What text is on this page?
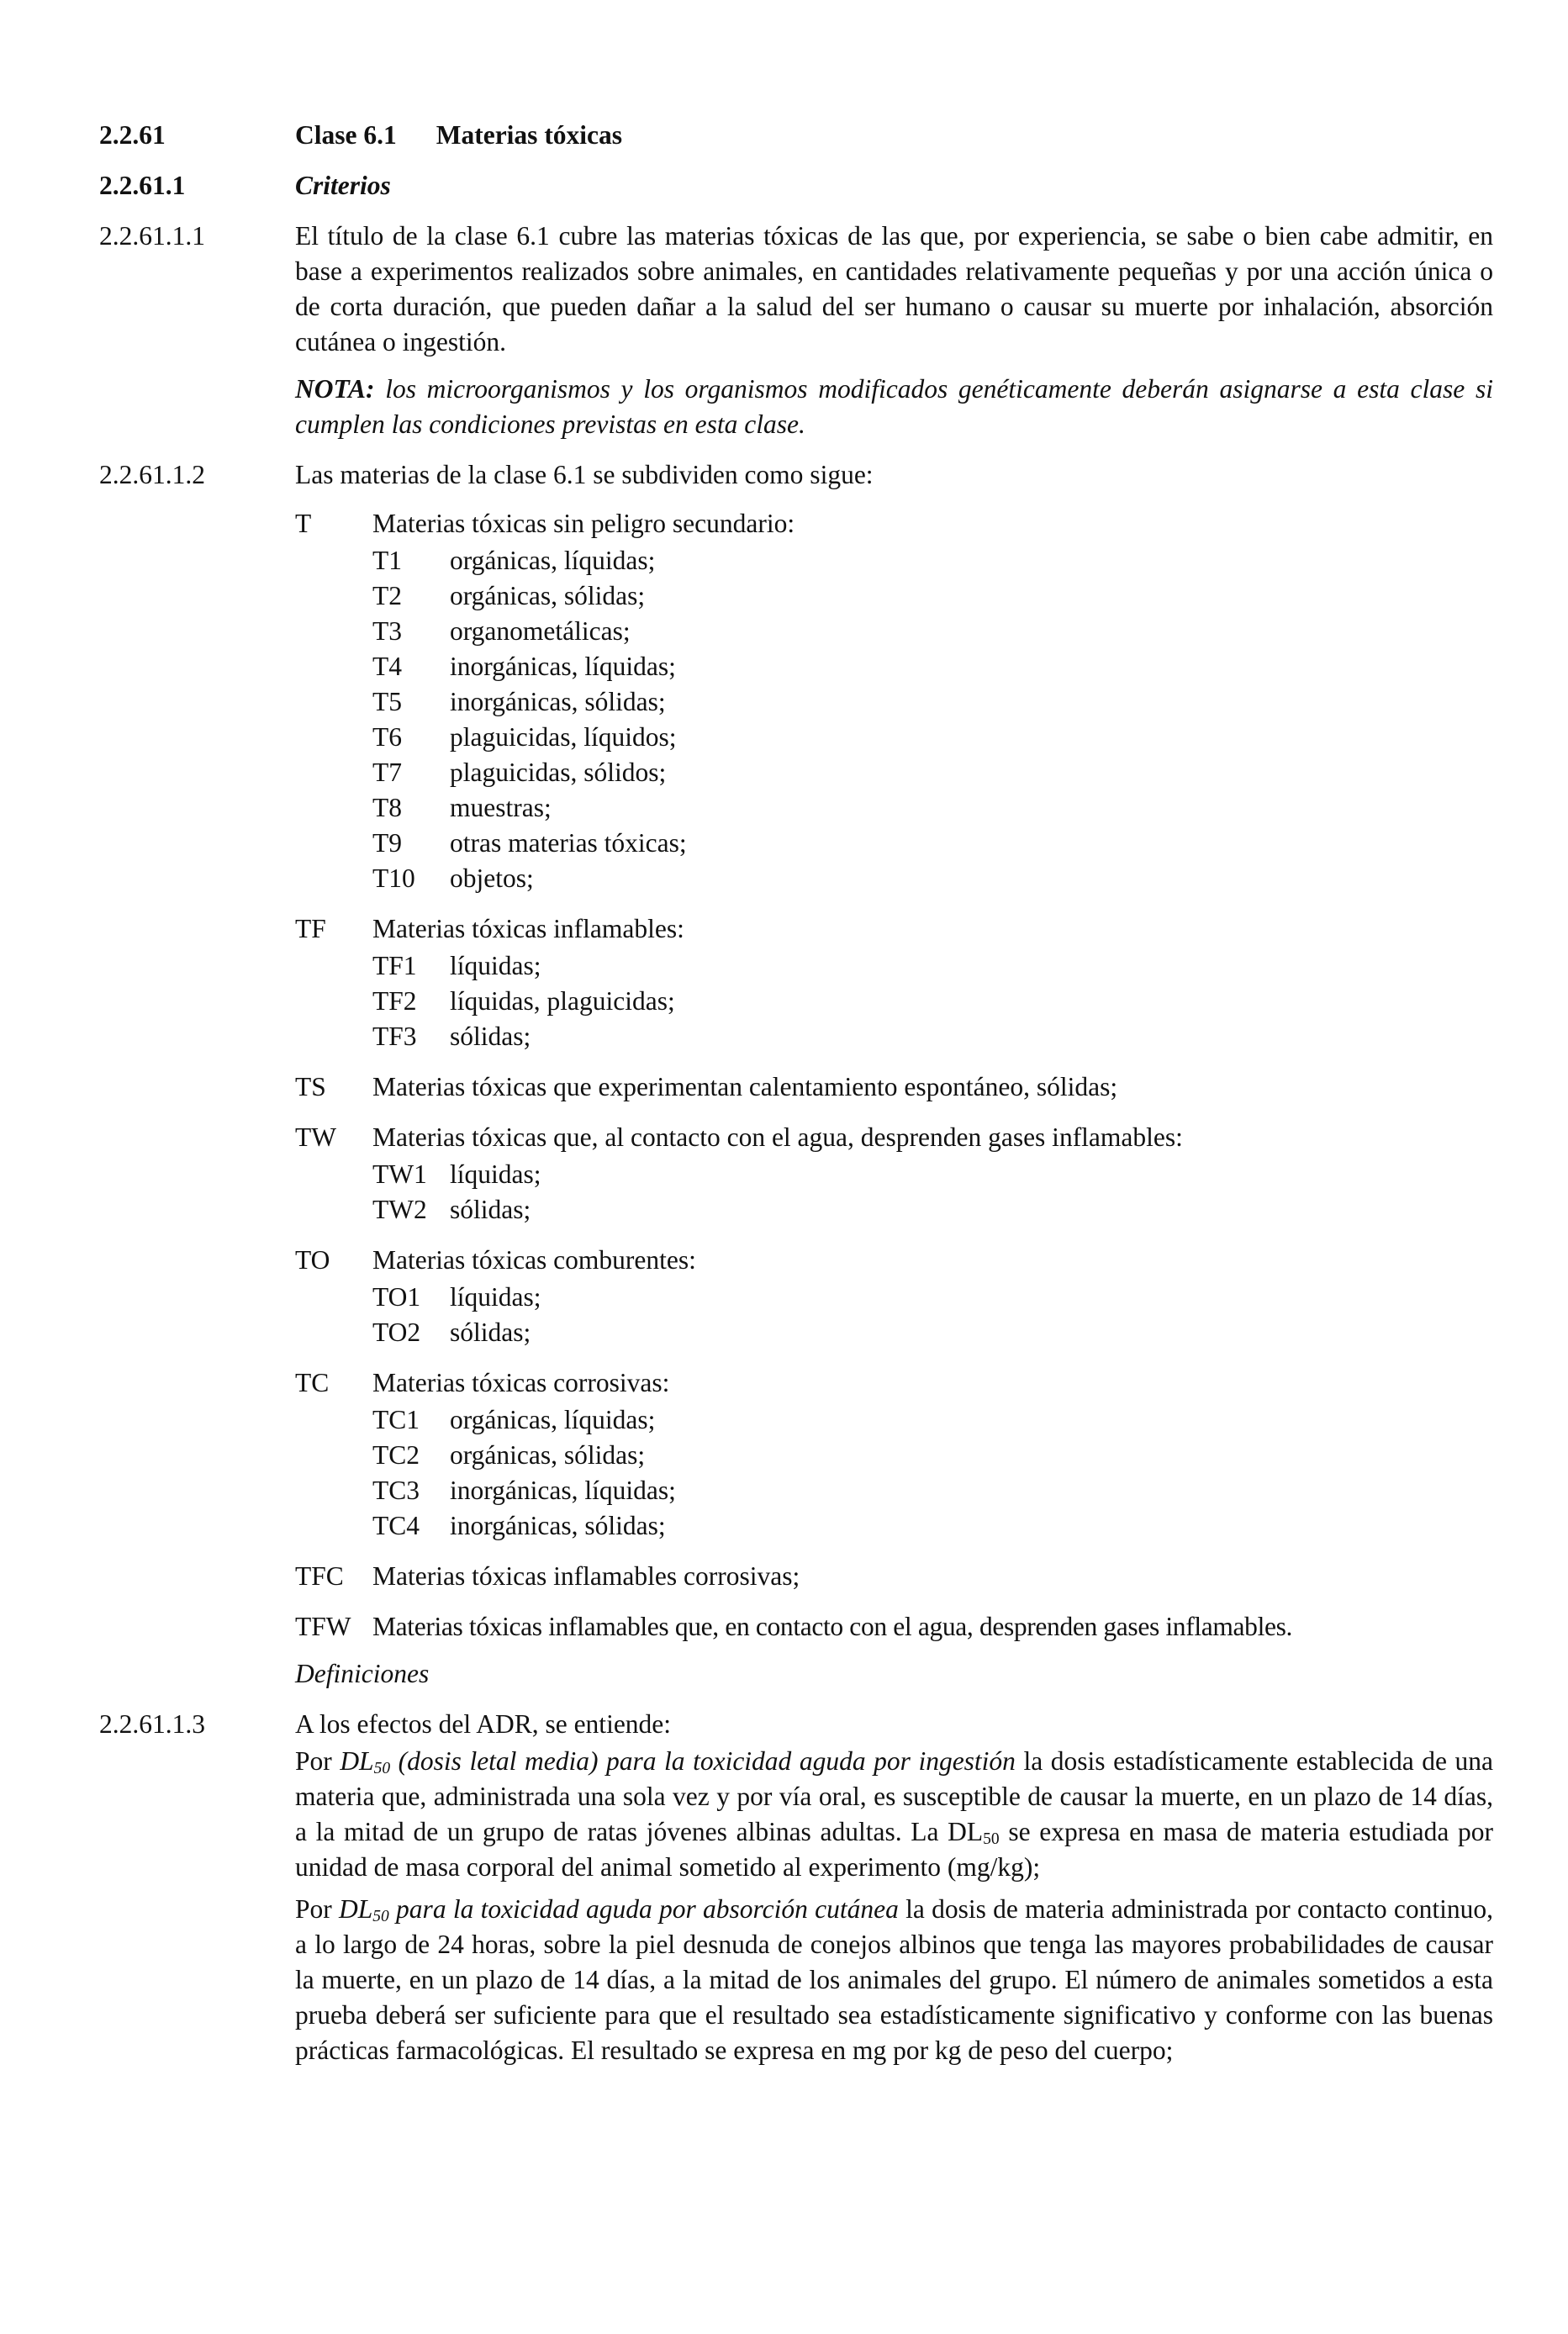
2.2.61	Clase 6.1 Materias tóxicas
2.2.61.1	Criterios
2.2.61.1.1	El título de la clase 6.1 cubre las materias tóxicas de las que, por experiencia, se sabe o bien cabe admitir, en base a experimentos realizados sobre animales, en cantidades relativamente pequeñas y por una acción única o de corta duración, que pueden dañar a la salud del ser humano o causar su muerte por inhalación, absorción cutánea o ingestión.
NOTA: los microorganismos y los organismos modificados genéticamente deberán asignarse a esta clase si cumplen las condiciones previstas en esta clase.
2.2.61.1.2	Las materias de la clase 6.1 se subdividen como sigue:
T	Materias tóxicas sin peligro secundario:
T1	orgánicas, líquidas;
T2	orgánicas, sólidas;
T3	organometálicas;
T4	inorgánicas, líquidas;
T5	inorgánicas, sólidas;
T6	plaguicidas, líquidos;
T7	plaguicidas, sólidos;
T8	muestras;
T9	otras materias tóxicas;
T10	objetos;
TF	Materias tóxicas inflamables:
TF1	líquidas;
TF2	líquidas, plaguicidas;
TF3	sólidas;
TS	Materias tóxicas que experimentan calentamiento espontáneo, sólidas;
TW	Materias tóxicas que, al contacto con el agua, desprenden gases inflamables:
TW1 líquidas;
TW2 sólidas;
TO	Materias tóxicas comburentes:
TO1	líquidas;
TO2	sólidas;
TC	Materias tóxicas corrosivas:
TC1	orgánicas, líquidas;
TC2	orgánicas, sólidas;
TC3	inorgánicas, líquidas;
TC4	inorgánicas, sólidas;
TFC	Materias tóxicas inflamables corrosivas;
TFW Materias tóxicas inflamables que, en contacto con el agua, desprenden gases inflamables.
Definiciones
2.2.61.1.3	A los efectos del ADR, se entiende:
Por $DL_{50}$ (dosis letal media) para la toxicidad aguda por ingestión la dosis estadísticamente establecida de una materia que, administrada una sola vez y por vía oral, es susceptible de causar la muerte, en un plazo de 14 días, a la mitad de un grupo de ratas jóvenes albinas adultas. La $DL_{50}$ se expresa en masa de materia estudiada por unidad de masa corporal del animal sometido al experimento (mg/kg);
Por $DL_{50}$ para la toxicidad aguda por absorción cutánea la dosis de materia administrada por contacto continuo, a lo largo de 24 horas, sobre la piel desnuda de conejos albinos que tenga las mayores probabilidades de causar la muerte, en un plazo de 14 días, a la mitad de los animales del grupo. El número de animales sometidos a esta prueba deberá ser suficiente para que el resultado sea estadísticamente significativo y conforme con las buenas prácticas farmacológicas. El resultado se expresa en mg por kg de peso del cuerpo;
